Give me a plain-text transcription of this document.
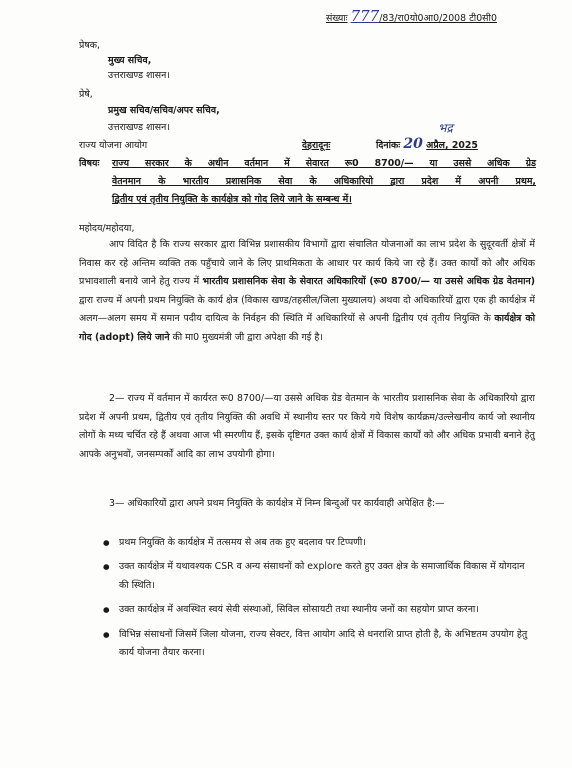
संख्याः 777/83/रा0यो0आ0/2008 टी0सी0
प्रेषक,
मुख्य सचिव,
उत्तराखण्ड शासन।
प्रेषे,
प्रमुख सचिव/सचिव/अपर सचिव,
उत्तराखण्ड शासन।
राज्य योजना आयोग	देहरादूनः	दिनांकः 20 अप्रैल, 2025
भद्र
विषयः राज्य सरकार के अधीन वर्तमान में सेवारत रू0 8700/— या उससे अधिक ग्रेड
वेतनमान के भारतीय प्रशासनिक सेवा के अधिकारियो द्वारा प्रदेश में अपनी प्रथम,
द्वितीय एवं तृतीय नियुक्ति के कार्यक्षेत्र को गोद लिये जाने के सम्बन्ध में।
महोदय/महोदया,

आप विदित है कि राज्य सरकार द्वारा विभिन्न प्रशासकीय विभागों द्वारा संचालित योजनाओं का लाभ प्रदेश के सुदूरवर्ती क्षेत्रों में निवास कर रहे अन्तिम व्यक्ति तक पहुँचाये जाने के लिए प्राथमिकता के आधार पर कार्य किये जा रहे हैं। उक्त कार्यों को और अधिक प्रभावशाली बनाये जाने हेतु राज्य में भारतीय प्रशासनिक सेवा के सेवारत अधिकारियों (रू0 8700/— या उससे अधिक ग्रेड वेतमान) द्वारा राज्य में अपनी प्रथम नियुक्ति के कार्य क्षेत्र (विकास खण्ड/तहसील/जिला मुख्यालय) अथवा दो अधिकारियों द्वारा एक ही कार्यक्षेत्र में अलग—अलग समय में समान पदीय दायित्व के निर्वहन की स्थिति में अधिकारियों से अपनी द्वितीय एवं तृतीय नियुक्ति के कार्यक्षेत्र को गोद (adopt) लिये जाने की मा0 मुख्यमंत्री जी द्वारा अपेक्षा की गई है।

2— राज्य में वर्तमान में कार्यरत रू0 8700/—या उससे अधिक ग्रेड वेतमान के भारतीय प्रशासनिक सेवा के अधिकारियो द्वारा प्रदेश में अपनी प्रथम, द्वितीय एवं तृतीय नियुक्ति की अवधि में स्थानीय स्तर पर किये गये विशेष कार्यक्रम/उल्लेखनीय कार्य जो स्थानीय लोगों के मध्य चर्चित रहे हैं अथवा आज भी स्मरणीय हैं, इसके दृष्टिगत उक्त कार्य क्षेत्रों में विकास कार्यों को और अधिक प्रभावी बनाने हेतु आपके अनुभवों, जनसम्पर्कों आदि का लाभ उपयोगी होगा।

3— अधिकारियों द्वारा अपने प्रथम नियुक्ति के कार्यक्षेत्र में निम्न बिन्दुओं पर कार्यवाही अपेक्षित है:—

● प्रथम नियुक्ति के कार्यक्षेत्र में तत्समय से अब तक हुए बदलाव पर टिप्पणी।
● उक्त कार्यक्षेत्र में यथावश्यक CSR व अन्य संसाधनों को explore करते हुए उक्त क्षेत्र के समाजार्थिक विकास में योगदान की स्थिति।
● उक्त कार्यक्षेत्र में अवस्थित स्वयं सेवी संस्थाओं, सिविल सोसायटी तथा स्थानीय जनों का सहयोग प्राप्त करना।
● विभिन्न संसाधनों जिसमें जिला योजना, राज्य सेक्टर, वित्त आयोग आदि से धनराशि प्राप्त होती है, के अभिष्टतम उपयोग हेतु कार्य योजना तैयार करना।
